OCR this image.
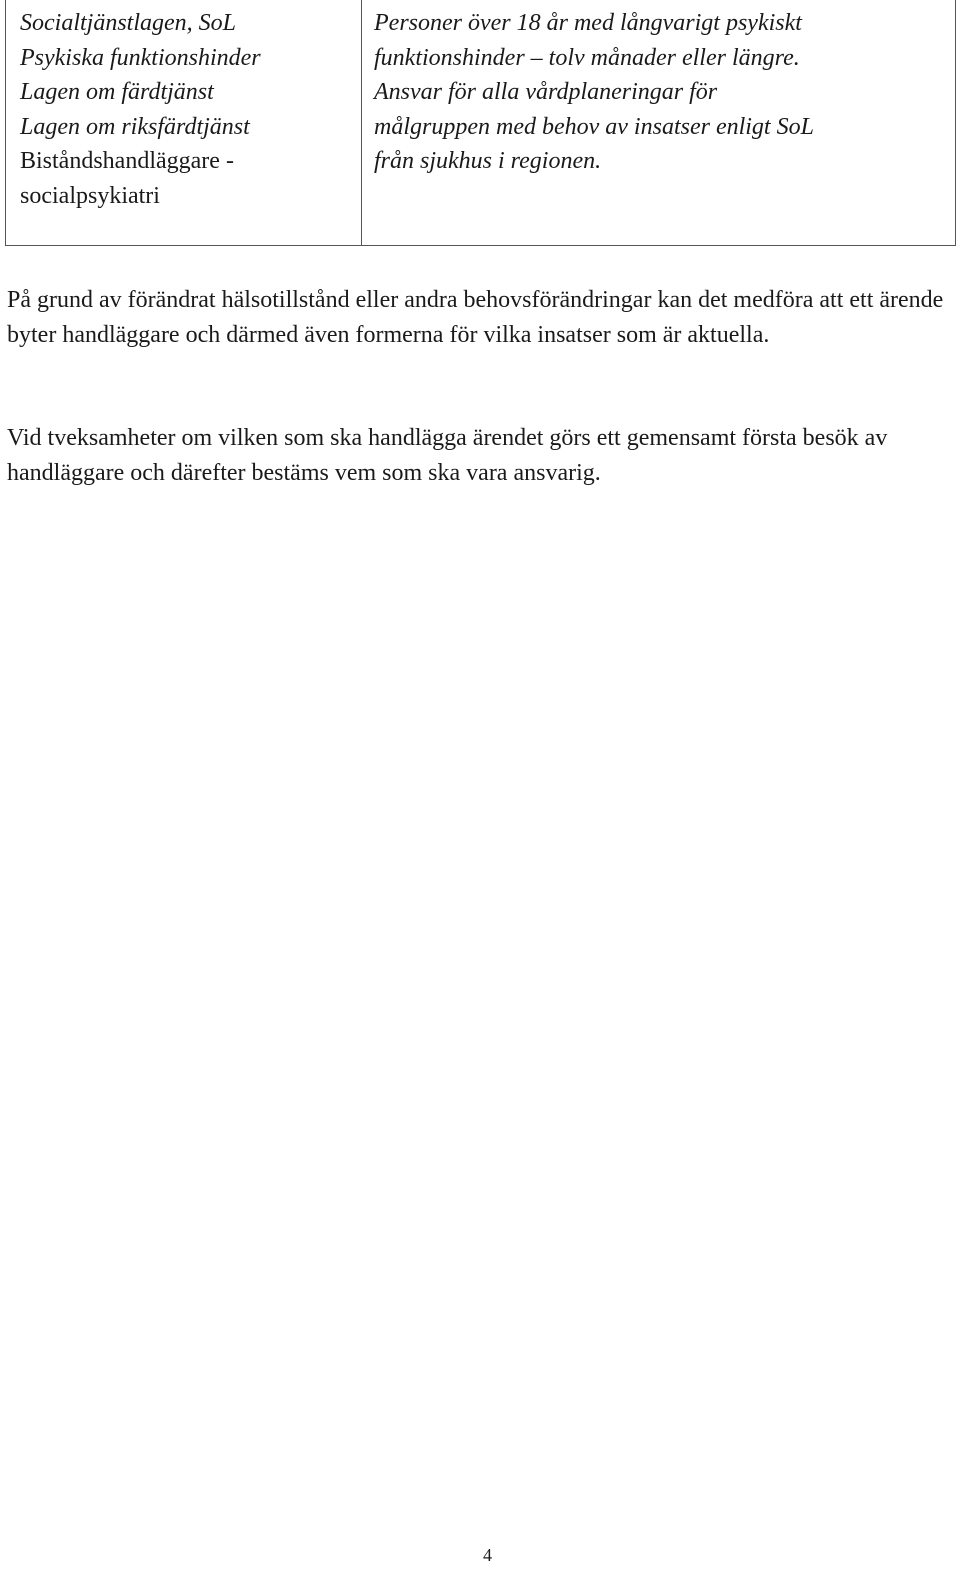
Socialtjänstlagen, SoL
Psykiska funktionshinder
Lagen om färdtjänst
Lagen om riksfärdtjänst
Biståndshandläggare -
socialpsykiatri
Personer över 18 år med långvarigt psykiskt
funktionshinder – tolv månader eller längre.
Ansvar för alla vårdplaneringar för
målgruppen med behov av insatser enligt SoL
från sjukhus i regionen.

På grund av förändrat hälsotillstånd eller andra behovsförändringar kan det medföra att ett ärende byter handläggare och därmed även formerna för vilka insatser som är aktuella.

Vid tveksamheter om vilken som ska handlägga ärendet görs ett gemensamt första besök av handläggare och därefter bestäms vem som ska vara ansvarig.

4
